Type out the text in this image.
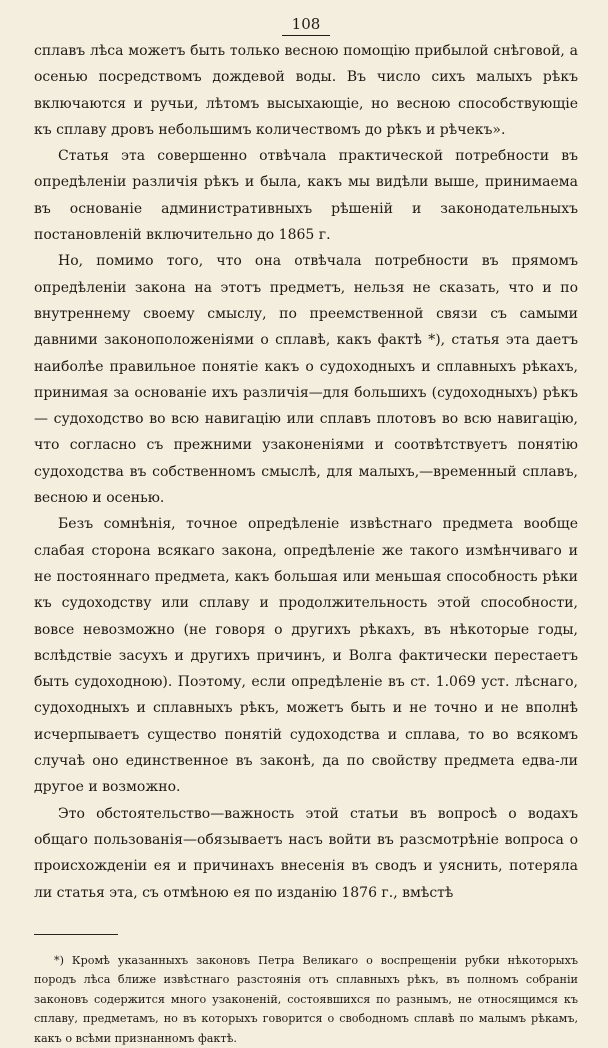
108

сплавъ лѣса можетъ быть только весною помощію прибылой снѣговой, а осенью посредствомъ дождевой воды. Въ число сихъ малыхъ рѣкъ включаются и ручьи, лѣтомъ высыхающіе, но весною способствующіе къ сплаву дровъ небольшимъ количествомъ до рѣкъ и рѣчекъ».

Статья эта совершенно отвѣчала практической потребности въ опредѣленіи различія рѣкъ и была, какъ мы видѣли выше, принимаема въ основаніе административныхъ рѣшеній и законодательныхъ постановленій включительно до 1865 г.

Но, помимо того, что она отвѣчала потребности въ прямомъ опредѣленіи закона на этотъ предметъ, нельзя не сказать, что и по внутреннему своему смыслу, по преемственной связи съ самыми давними законоположеніями о сплавѣ, какъ фактѣ *), статья эта даетъ наиболѣе правильное понятіе какъ о судоходныхъ и сплавныхъ рѣкахъ, принимая за основаніе ихъ различія—для большихъ (судоходныхъ) рѣкъ— судоходство во всю навигацію или сплавъ плотовъ во всю навигацію, что согласно съ прежними узаконеніями и соотвѣтствуетъ понятію судоходства въ собственномъ смыслѣ, для малыхъ,—временный сплавъ, весною и осенью.

Безъ сомнѣнія, точное опредѣленіе извѣстнаго предмета вообще слабая сторона всякаго закона, опредѣленіе же такого измѣнчиваго и не постояннаго предмета, какъ большая или меньшая способность рѣки къ судоходству или сплаву и продолжительность этой способности, вовсе невозможно (не говоря о другихъ рѣкахъ, въ нѣкоторые годы, вслѣдствіе засухъ и другихъ причинъ, и Волга фактически перестаетъ быть судоходною). Поэтому, если опредѣленіе въ ст. 1.069 уст. лѣснаго, судоходныхъ и сплавныхъ рѣкъ, можетъ быть и не точно и не вполнѣ исчерпываетъ существо понятій судоходства и сплава, то во всякомъ случаѣ оно единственное въ законѣ, да по свойству предмета едва-ли другое и возможно.

Это обстоятельство—важность этой статьи въ вопросѣ о водахъ общаго пользованія—обязываетъ насъ войти въ разсмотрѣніе вопроса о происхожденіи ея и причинахъ внесенія въ сводъ и уяснить, потеряла ли статья эта, съ отмѣною ея по изданію 1876 г., вмѣстѣ

*) Кромѣ указанныхъ законовъ Петра Великаго о воспрещеніи рубки нѣкоторыхъ породъ лѣса ближе извѣстнаго разстоянія отъ сплавныхъ рѣкъ, въ полномъ собраніи законовъ содержится много узаконеній, состоявшихся по разнымъ, не относящимся къ сплаву, предметамъ, но въ которыхъ говорится о свободномъ сплавѣ по малымъ рѣкамъ, какъ о всѣми признанномъ фактѣ.
